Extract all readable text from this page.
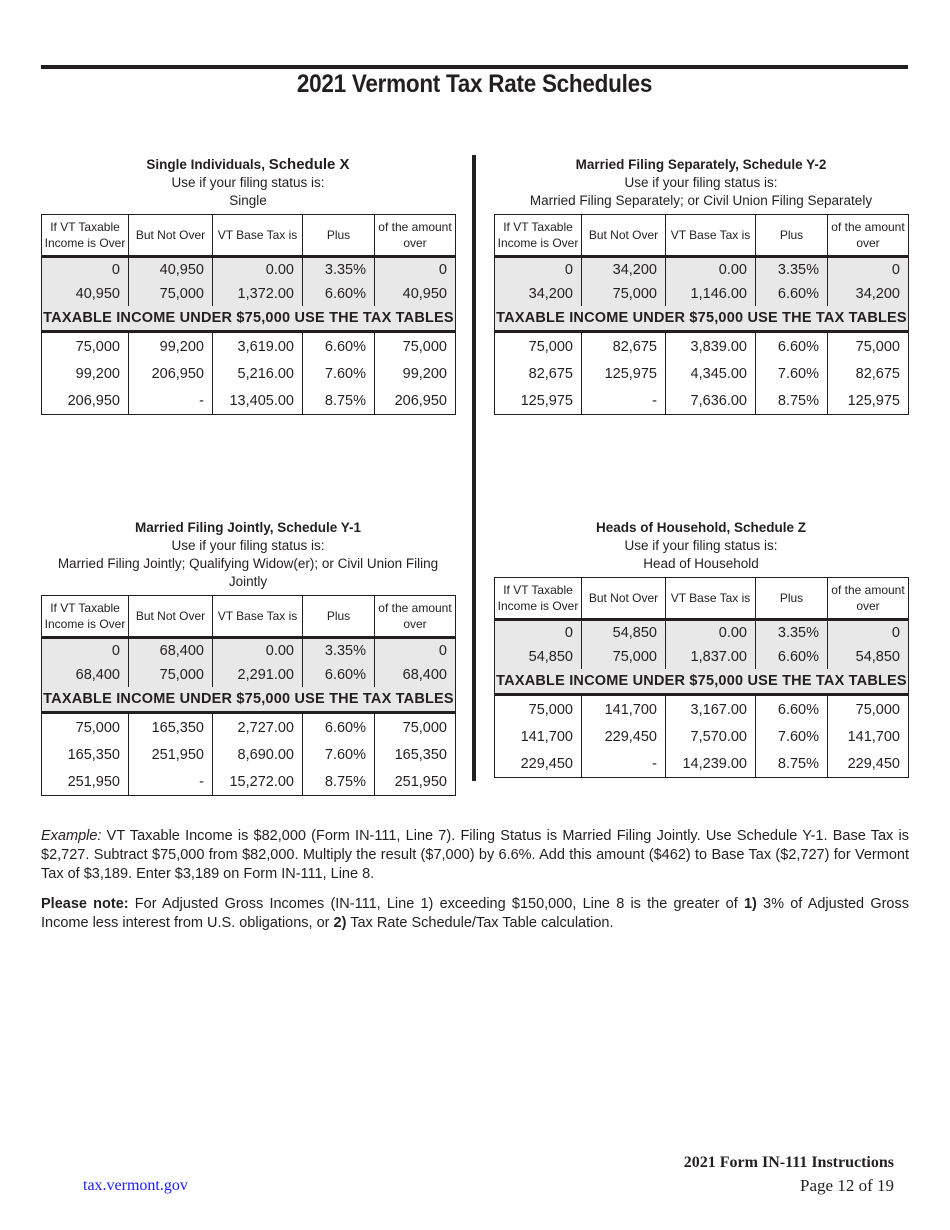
2021 Vermont Tax Rate Schedules
Single Individuals, Schedule X
Use if your filing status is:
Single
If VT Taxable Income is Over	But Not Over	VT Base Tax is	Plus	of the amount over
0	40,950	0.00	3.35%	0
40,950	75,000	1,372.00	6.60%	40,950
TAXABLE INCOME UNDER $75,000 USE THE TAX TABLES				
75,000	99,200	3,619.00	6.60%	75,000
99,200	206,950	5,216.00	7.60%	99,200
206,950	-	13,405.00	8.75%	206,950
Married Filing Separately, Schedule Y-2
Use if your filing status is:
Married Filing Separately; or Civil Union Filing Separately
If VT Taxable Income is Over	But Not Over	VT Base Tax is	Plus	of the amount over
0	34,200	0.00	3.35%	0
34,200	75,000	1,146.00	6.60%	34,200
TAXABLE INCOME UNDER $75,000 USE THE TAX TABLES				
75,000	82,675	3,839.00	6.60%	75,000
82,675	125,975	4,345.00	7.60%	82,675
125,975	-	7,636.00	8.75%	125,975
Married Filing Jointly, Schedule Y-1
Use if your filing status is:
Married Filing Jointly; Qualifying Widow(er); or Civil Union Filing Jointly
If VT Taxable Income is Over	But Not Over	VT Base Tax is	Plus	of the amount over
0	68,400	0.00	3.35%	0
68,400	75,000	2,291.00	6.60%	68,400
TAXABLE INCOME UNDER $75,000 USE THE TAX TABLES				
75,000	165,350	2,727.00	6.60%	75,000
165,350	251,950	8,690.00	7.60%	165,350
251,950	-	15,272.00	8.75%	251,950
Heads of Household, Schedule Z
Use if your filing status is:
Head of Household
If VT Taxable Income is Over	But Not Over	VT Base Tax is	Plus	of the amount over
0	54,850	0.00	3.35%	0
54,850	75,000	1,837.00	6.60%	54,850
TAXABLE INCOME UNDER $75,000 USE THE TAX TABLES				
75,000	141,700	3,167.00	6.60%	75,000
141,700	229,450	7,570.00	7.60%	141,700
229,450	-	14,239.00	8.75%	229,450
Example: VT Taxable Income is $82,000 (Form IN-111, Line 7). Filing Status is Married Filing Jointly. Use Schedule Y-1. Base Tax is $2,727. Subtract $75,000 from $82,000. Multiply the result ($7,000) by 6.6%. Add this amount ($462) to Base Tax ($2,727) for Vermont Tax of $3,189. Enter $3,189 on Form IN-111, Line 8.
Please note: For Adjusted Gross Incomes (IN-111, Line 1) exceeding $150,000, Line 8 is the greater of 1) 3% of Adjusted Gross Income less interest from U.S. obligations, or 2) Tax Rate Schedule/Tax Table calculation.
tax.vermont.gov
2021 Form IN-111 Instructions
Page 12 of 19
